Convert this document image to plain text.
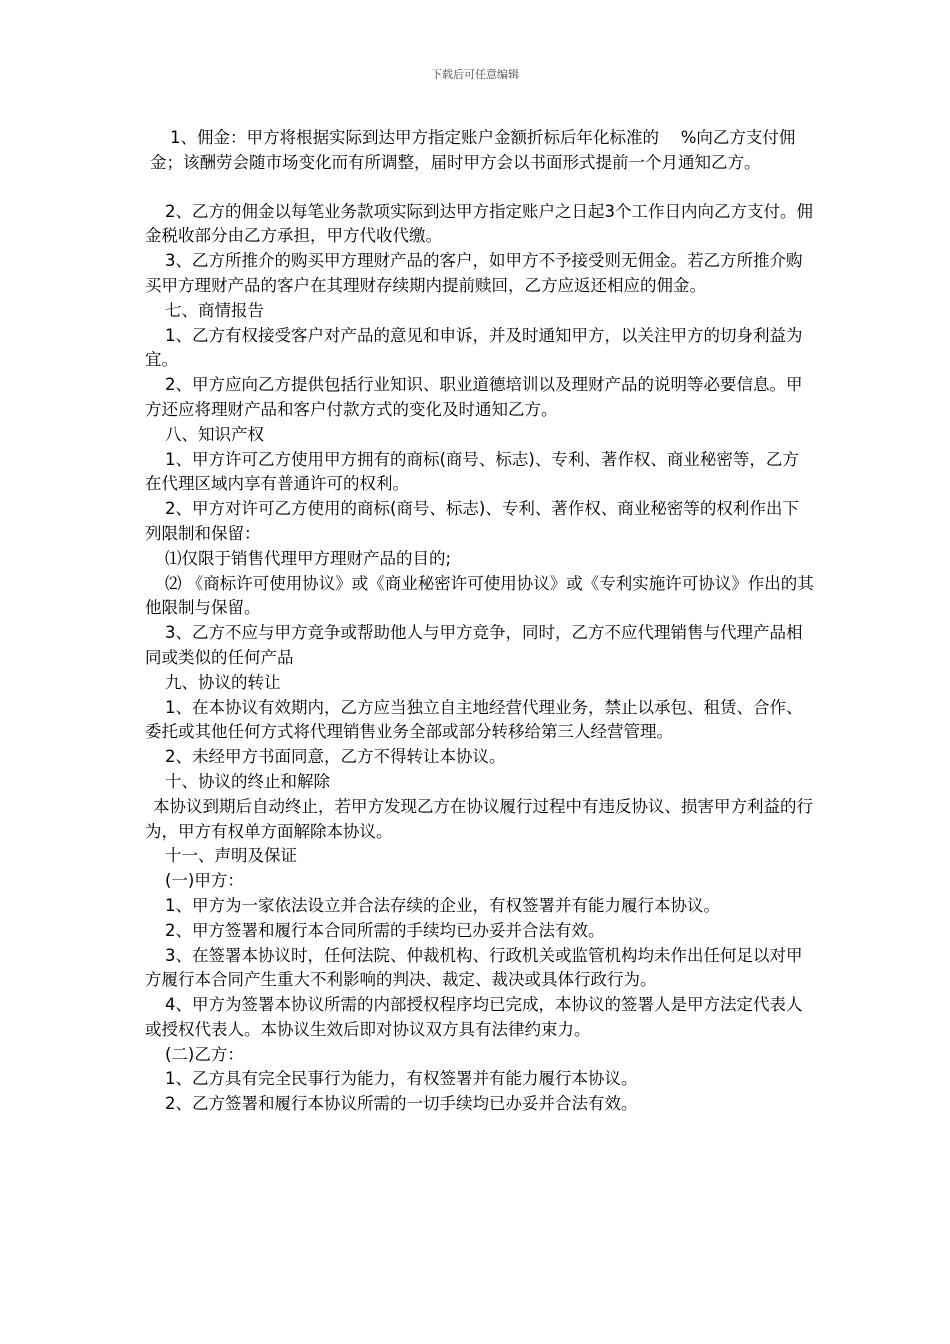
下载后可任意编辑

1、佣金：甲方将根据实际到达甲方指定账户金额折标后年化标准的 　%向乙方支付佣金；该酬劳会随市场变化而有所调整，届时甲方会以书面形式提前一个月通知乙方。

2、乙方的佣金以每笔业务款项实际到达甲方指定账户之日起3个工作日内向乙方支付。佣金税收部分由乙方承担，甲方代收代缴。

3、乙方所推介的购买甲方理财产品的客户，如甲方不予接受则无佣金。若乙方所推介购买甲方理财产品的客户在其理财存续期内提前赎回，乙方应返还相应的佣金。

七、商情报告

1、乙方有权接受客户对产品的意见和申诉，并及时通知甲方，以关注甲方的切身利益为宜。

2、甲方应向乙方提供包括行业知识、职业道德培训以及理财产品的说明等必要信息。甲方还应将理财产品和客户付款方式的变化及时通知乙方。

八、知识产权

1、甲方许可乙方使用甲方拥有的商标(商号、标志)、专利、著作权、商业秘密等，乙方在代理区域内享有普通许可的权利。

2、甲方对许可乙方使用的商标(商号、标志)、专利、著作权、商业秘密等的权利作出下列限制和保留：

⑴仅限于销售代理甲方理财产品的目的;

⑵ 《商标许可使用协议》或《商业秘密许可使用协议》或《专利实施许可协议》作出的其他限制与保留。

3、乙方不应与甲方竞争或帮助他人与甲方竞争，同时，乙方不应代理销售与代理产品相同或类似的任何产品

九、协议的转让

1、在本协议有效期内，乙方应当独立自主地经营代理业务，禁止以承包、租赁、合作、委托或其他任何方式将代理销售业务全部或部分转移给第三人经营管理。

2、未经甲方书面同意，乙方不得转让本协议。

十、协议的终止和解除

本协议到期后自动终止，若甲方发现乙方在协议履行过程中有违反协议、损害甲方利益的行为，甲方有权单方面解除本协议。

十一、声明及保证

(一)甲方：

1、甲方为一家依法设立并合法存续的企业，有权签署并有能力履行本协议。

2、甲方签署和履行本合同所需的手续均已办妥并合法有效。

3、在签署本协议时，任何法院、仲裁机构、行政机关或监管机构均未作出任何足以对甲方履行本合同产生重大不利影响的判决、裁定、裁决或具体行政行为。

4、甲方为签署本协议所需的内部授权程序均已完成，本协议的签署人是甲方法定代表人或授权代表人。本协议生效后即对协议双方具有法律约束力。

(二)乙方：

1、乙方具有完全民事行为能力，有权签署并有能力履行本协议。

2、乙方签署和履行本协议所需的一切手续均已办妥并合法有效。
